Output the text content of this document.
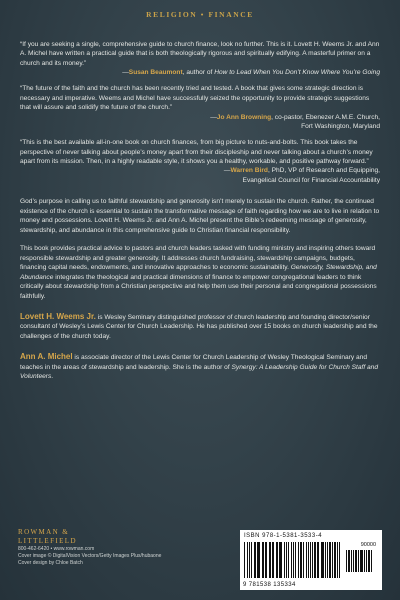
RELIGION • FINANCE
“If you are seeking a single, comprehensive guide to church finance, look no further. This is it. Lovett H. Weems Jr. and Ann A. Michel have written a practical guide that is both theologically rigorous and spiritually edifying. A masterful primer on a church and its money.”
—Susan Beaumont, author of How to Lead When You Don’t Know Where You’re Going
“The future of the faith and the church has been recently tried and tested. A book that gives some strategic direction is necessary and imperative. Weems and Michel have successfully seized the opportunity to provide strategic suggestions that will assure and solidify the future of the church.”
—Jo Ann Browning, co-pastor, Ebenezer A.M.E. Church,
Fort Washington, Maryland
“This is the best available all-in-one book on church finances, from big picture to nuts-and-bolts. This book takes the perspective of never talking about people’s money apart from their discipleship and never talking about a church’s money apart from its mission. Then, in a highly readable style, it shows you a healthy, workable, and positive pathway forward.”
—Warren Bird, PhD, VP of Research and Equipping,
Evangelical Council for Financial Accountability

God’s purpose in calling us to faithful stewardship and generosity isn’t merely to sustain the church. Rather, the continued existence of the church is essential to sustain the transformative message of faith regarding how we are to live in relation to money and possessions. Lovett H. Weems Jr. and Ann A. Michel present the Bible’s redeeming message of generosity, stewardship, and abundance in this comprehensive guide to Christian financial responsibility.

This book provides practical advice to pastors and church leaders tasked with funding ministry and inspiring others toward responsible stewardship and greater generosity. It addresses church fundraising, stewardship campaigns, budgets, financing capital needs, endowments, and innovative approaches to economic sustainability. Generosity, Stewardship, and Abundance integrates the theological and practical dimensions of finance to empower congregational leaders to think critically about stewardship from a Christian perspective and help them use their personal and congregational possessions faithfully.

Lovett H. Weems Jr. is Wesley Seminary distinguished professor of church leadership and founding director/senior consultant of Wesley’s Lewis Center for Church Leadership. He has published over 15 books on church leadership and the challenges of the church today.

Ann A. Michel is associate director of the Lewis Center for Church Leadership of Wesley Theological Seminary and teaches in the areas of stewardship and leadership. She is the author of Synergy: A Leadership Guide for Church Staff and Volunteers.

ROWMAN &
LITTLEFIELD
800-462-6420 • www.rowman.com
Cover image © DigitalVision Vectors/Getty Images Plus/hubaone
Cover design by Chloe Batch
ISBN 978-1-5381-3533-4
90000
9 781538 135334
